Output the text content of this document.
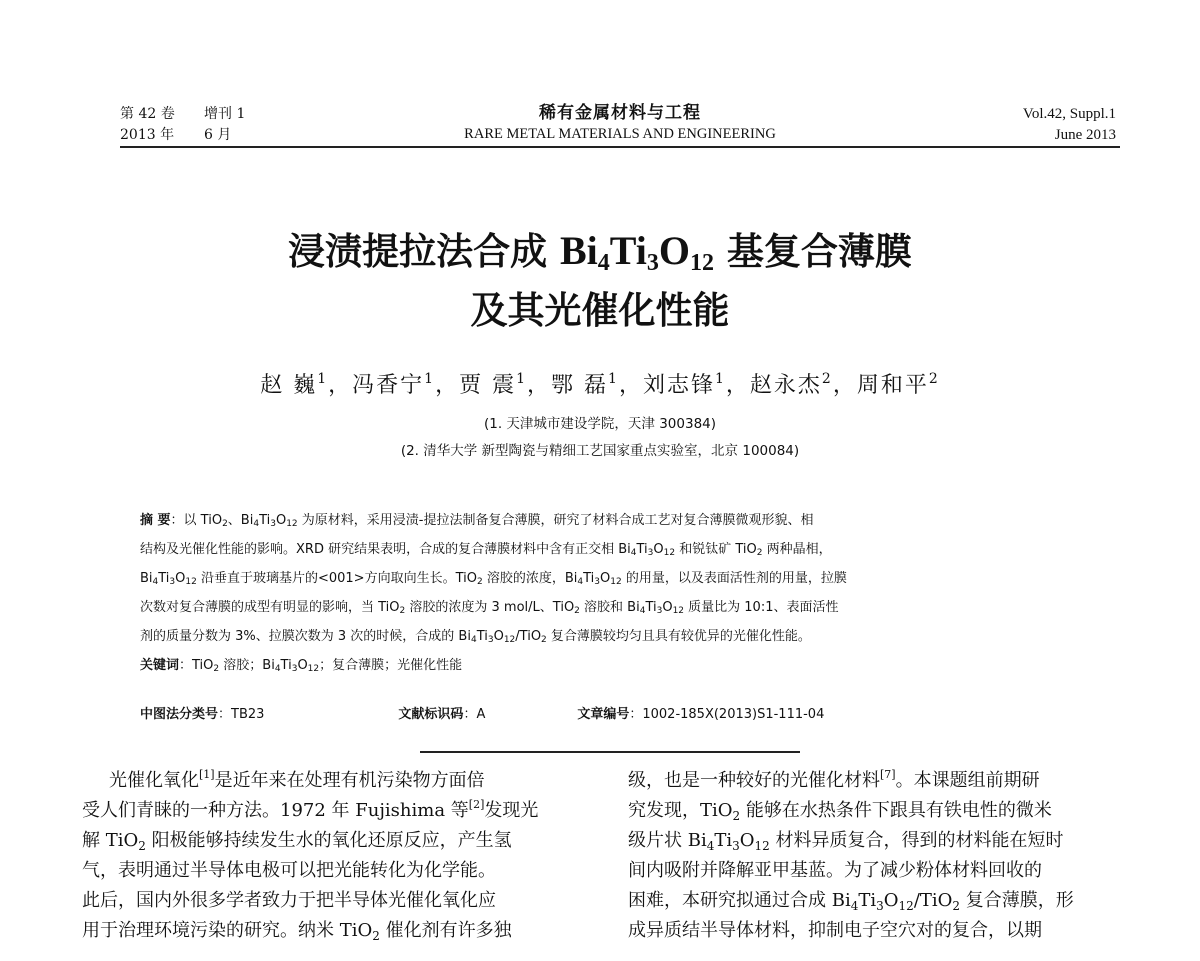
第 42 卷 增刊 1
2013 年 6 月
稀有金属材料与工程
RARE METAL MATERIALS AND ENGINEERING
Vol.42, Suppl.1
June 2013
浸渍提拉法合成 $Bi_4Ti_3O_{12}$ 基复合薄膜
及其光催化性能
赵 巍$^1$，冯香宁$^1$，贾 震$^1$，鄂 磊$^1$，刘志锋$^1$，赵永杰$^2$，周和平$^2$
(1. 天津城市建设学院，天津 300384)
(2. 清华大学 新型陶瓷与精细工艺国家重点实验室，北京 100084)
摘 要：以 TiO$_2$、$Bi_4Ti_3O_{12}$ 为原材料，采用浸渍-提拉法制备复合薄膜，研究了材料合成工艺对复合薄膜微观形貌、相
结构及光催化性能的影响。XRD 研究结果表明，合成的复合薄膜材料中含有正交相 $Bi_4Ti_3O_{12}$ 和锐钛矿 TiO$_2$ 两种晶相，
$Bi_4Ti_3O_{12}$ 沿垂直于玻璃基片的<001>方向取向生长。TiO$_2$ 溶胶的浓度，$Bi_4Ti_3O_{12}$ 的用量，以及表面活性剂的用量，拉膜
次数对复合薄膜的成型有明显的影响，当 TiO$_2$ 溶胶的浓度为 3 mol/L、TiO$_2$ 溶胶和 $Bi_4Ti_3O_{12}$ 质量比为 10:1、表面活性
剂的质量分数为 3%、拉膜次数为 3 次的时候，合成的 $Bi_4Ti_3O_{12}/TiO_2$ 复合薄膜较均匀且具有较优异的光催化性能。
关键词：TiO$_2$ 溶胶；$Bi_4Ti_3O_{12}$；复合薄膜；光催化性能
中图法分类号：TB23	文献标识码：A	文章编号：1002-185X(2013)S1-111-04
  光催化氧化[1]是近年来在处理有机污染物方面倍
受人们青睐的一种方法。1972 年 Fujishima 等[2]发现光
解 TiO$_2$ 阳极能够持续发生水的氧化还原反应，产生氢
气，表明通过半导体电极可以把光能转化为化学能。
此后，国内外很多学者致力于把半导体光催化氧化应
用于治理环境污染的研究。纳米 TiO$_2$ 催化剂有许多独
级，也是一种较好的光催化材料[7]。本课题组前期研
究发现，TiO$_2$ 能够在水热条件下跟具有铁电性的微米
级片状 $Bi_4Ti_3O_{12}$ 材料异质复合，得到的材料能在短时
间内吸附并降解亚甲基蓝。为了减少粉体材料回收的
困难，本研究拟通过合成 $Bi_4Ti_3O_{12}/TiO_2$ 复合薄膜，形
成异质结半导体材料，抑制电子空穴对的复合，以期
